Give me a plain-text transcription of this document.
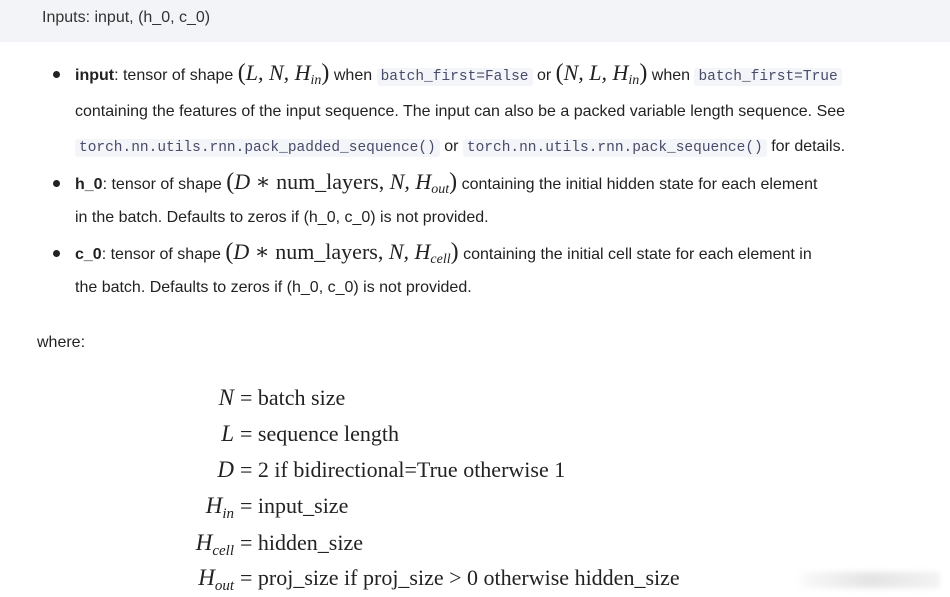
Inputs: input, (h_0, c_0)
input: tensor of shape (L, N, $H_{in}$) when batch_first=False or (N, L, $H_{in}$) when batch_first=True
containing the features of the input sequence. The input can also be a packed variable length sequence. See
torch.nn.utils.rnn.pack_padded_sequence() or torch.nn.utils.rnn.pack_sequence() for details.
h_0: tensor of shape (D ∗ num_layers, N, $H_{out}$) containing the initial hidden state for each element
in the batch. Defaults to zeros if (h_0, c_0) is not provided.
c_0: tensor of shape (D ∗ num_layers, N, $H_{cell}$) containing the initial cell state for each element in
the batch. Defaults to zeros if (h_0, c_0) is not provided.
where:
N = batch size
L = sequence length
D = 2 if bidirectional=True otherwise 1
$H_{in}$ = input_size
$H_{cell}$ = hidden_size
$H_{out}$ = proj_size if proj_size > 0 otherwise hidden_size
